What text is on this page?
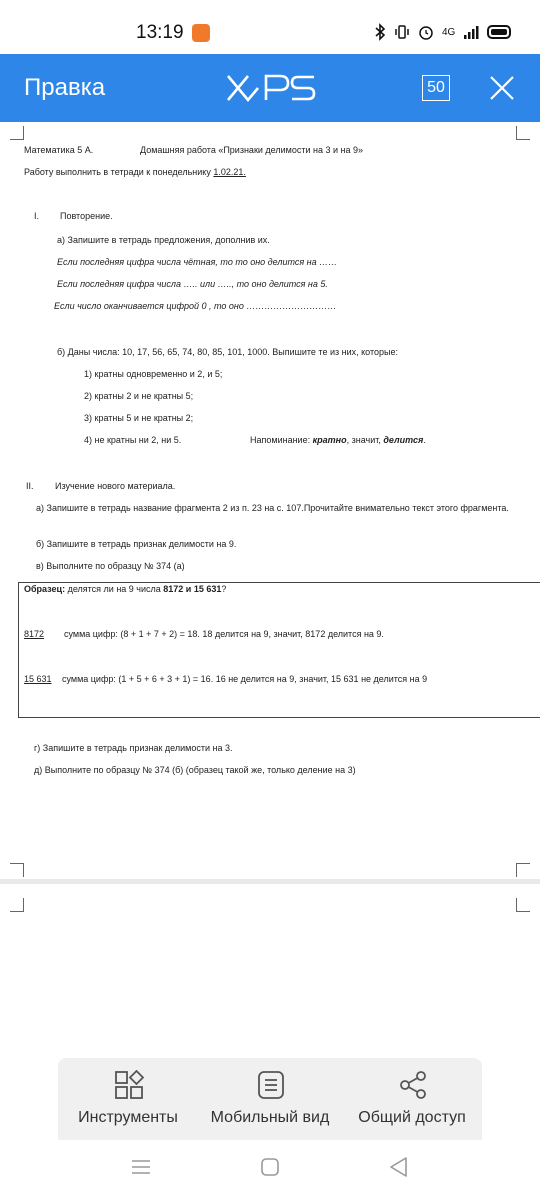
13:19	4G
Правка	50
Математика 5 А.	Домашняя работа «Признаки делимости на 3 и на 9»
Работу выполнить в тетради к понедельнику 1.02.21.
I. Повторение.
а) Запишите в тетрадь предложения, дополнив их.
Если последняя цифра числа чётная, то то оно делится на ……
Если последняя цифра числа ….. или ….., то оно делится на 5.
Если число оканчивается цифрой 0 , то оно …………………………
б) Даны числа: 10, 17, 56, 65, 74, 80, 85, 101, 1000. Выпишите те из них, которые:
1) кратны одновременно и 2, и 5;
2) кратны 2 и не кратны 5;
3) кратны 5 и не кратны 2;
4) не кратны ни 2, ни 5.	Напоминание: кратно, значит, делится.
II. Изучение нового материала.
а) Запишите в тетрадь название фрагмента 2 из п. 23 на с. 107.Прочитайте внимательно текст этого фрагмента.
б) Запишите в тетрадь признак делимости на 9.
в) Выполните по образцу № 374 (а)
Образец: делятся ли на 9 числа 8172 и 15 631?
8172 сумма цифр: (8 + 1 + 7 + 2) = 18. 18 делится на 9, значит, 8172 делится на 9.
15 631 сумма цифр: (1 + 5 + 6 + 3 + 1) = 16. 16 не делится на 9, значит, 15 631 не делится на 9
г) Запишите в тетрадь признак делимости на 3.
д) Выполните по образцу № 374 (б) (образец такой же, только деление на 3)
Инструменты	Мобильный вид	Общий доступ
